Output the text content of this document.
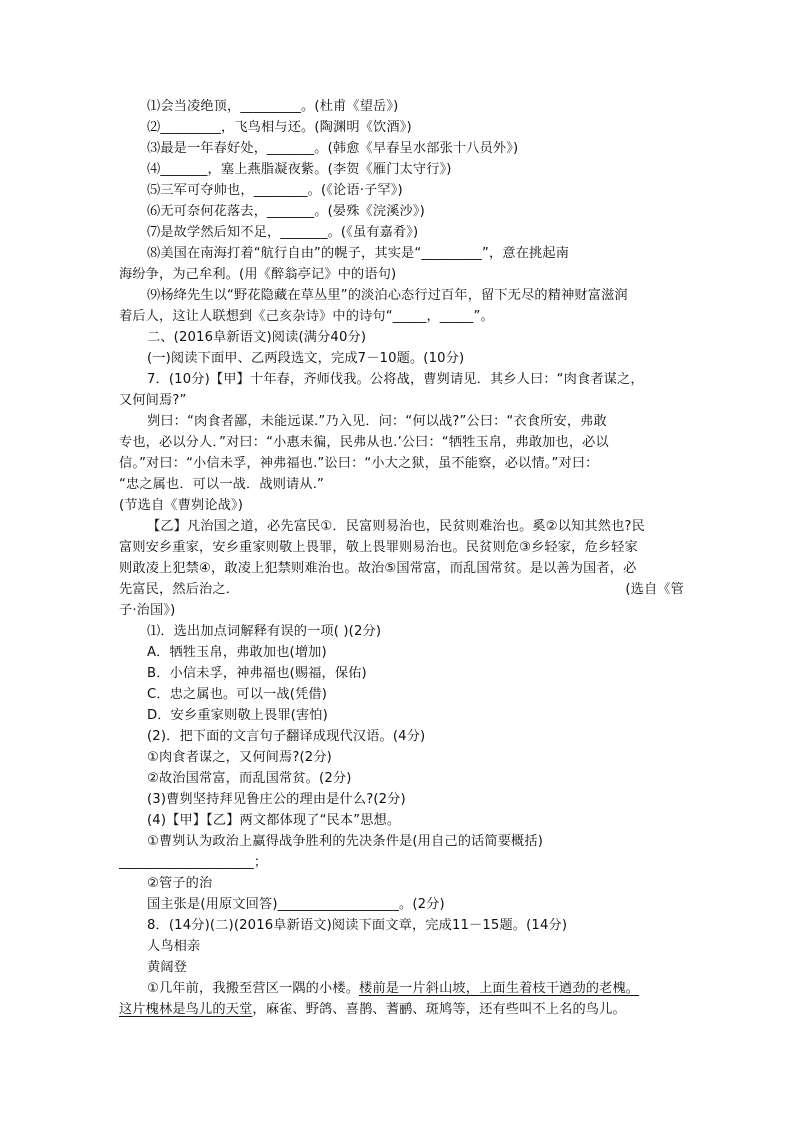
⑴会当凌绝顶，_________。(杜甫《望岳》)
⑵_________，飞鸟相与还。(陶渊明《饮酒》)
⑶最是一年春好处，_______。(韩愈《早春呈水部张十八员外》)
⑷_______，塞上燕脂凝夜紫。(李贺《雁门太守行》)
⑸三军可夺帅也，________。(《论语·子罕》)
⑹无可奈何花落去，_______。(晏殊《浣溪沙》)
⑺是故学然后知不足，_______。(《虽有嘉肴》)
⑻美国在南海打着“航行自由”的幌子，其实是“_________”，意在挑起南
海纷争，为己牟利。(用《醉翁亭记》中的语句)
⑼杨绛先生以“野花隐藏在草丛里”的淡泊心态行过百年，留下无尽的精神财富滋润
着后人，这让人联想到《己亥杂诗》中的诗句“_____，_____”。
二、(2016阜新语文)阅读(满分40分)
(一)阅读下面甲、乙两段选文，完成7－10题。(10分)
7．(10分)【甲】十年春，齐师伐我。公将战，曹刿请见．其乡人曰：“肉食者谋之，
又何间焉?”
刿曰：“肉食者鄙，未能远谋.”乃入见．问：“何以战?”公曰：“衣食所安，弗敢
专也，必以分人．”对曰：“小惠未徧，民弗从也.’公曰：“牺牲玉帛，弗敢加也，必以
信。”对曰：“小信未孚，神弗福也.”讼曰：“小大之狱，虽不能察，必以情。”对曰：
“忠之属也．可以一战．战则请从.”
(节选自《曹刿论战》)
【乙】凡治国之道，必先富民①．民富则易治也，民贫则难治也。奚②以知其然也?民
富则安乡重家，安乡重家则敬上畏罪，敬上畏罪则易治也。民贫则危③乡轻家，危乡轻家
则敢凌上犯禁④，敢凌上犯禁则难治也。故治⑤国常富，而乱国常贫。是以善为国者，必
先富民，然后治之．	(选自《管
子·治国》)
⑴．选出加点词解释有误的一项( )(2分)
A．牺牲玉帛，弗敢加也(增加)
B．小信未孚，神弗福也(赐福，保佑)
C．忠之属也。可以一战(凭借)
D．安乡重家则敬上畏罪(害怕)
(2)．把下面的文言句子翻译成现代汉语。(4分)
①肉食者谋之，又何间焉?(2分)
②故治国常富，而乱国常贫。(2分)
(3)曹刿坚持拜见鲁庄公的理由是什么?(2分)
(4)【甲】【乙】两文都体现了“民本”思想。
①曹刿认为政治上赢得战争胜利的先决条件是(用自己的话简要概括)
____________________；
②管子的治
国主张是(用原文回答)__________________。(2分)
8．(14分)(二)(2016阜新语文)阅读下面文章，完成11－15题。(14分)
人鸟相亲
黄阔登
①几年前，我搬至营区一隅的小楼。楼前是一片斜山坡，上面生着枝干遒劲的老槐。
这片槐林是鸟儿的天堂，麻雀、野鸽、喜鹊、蓍鹂、斑鸠等，还有些叫不上名的鸟儿。
